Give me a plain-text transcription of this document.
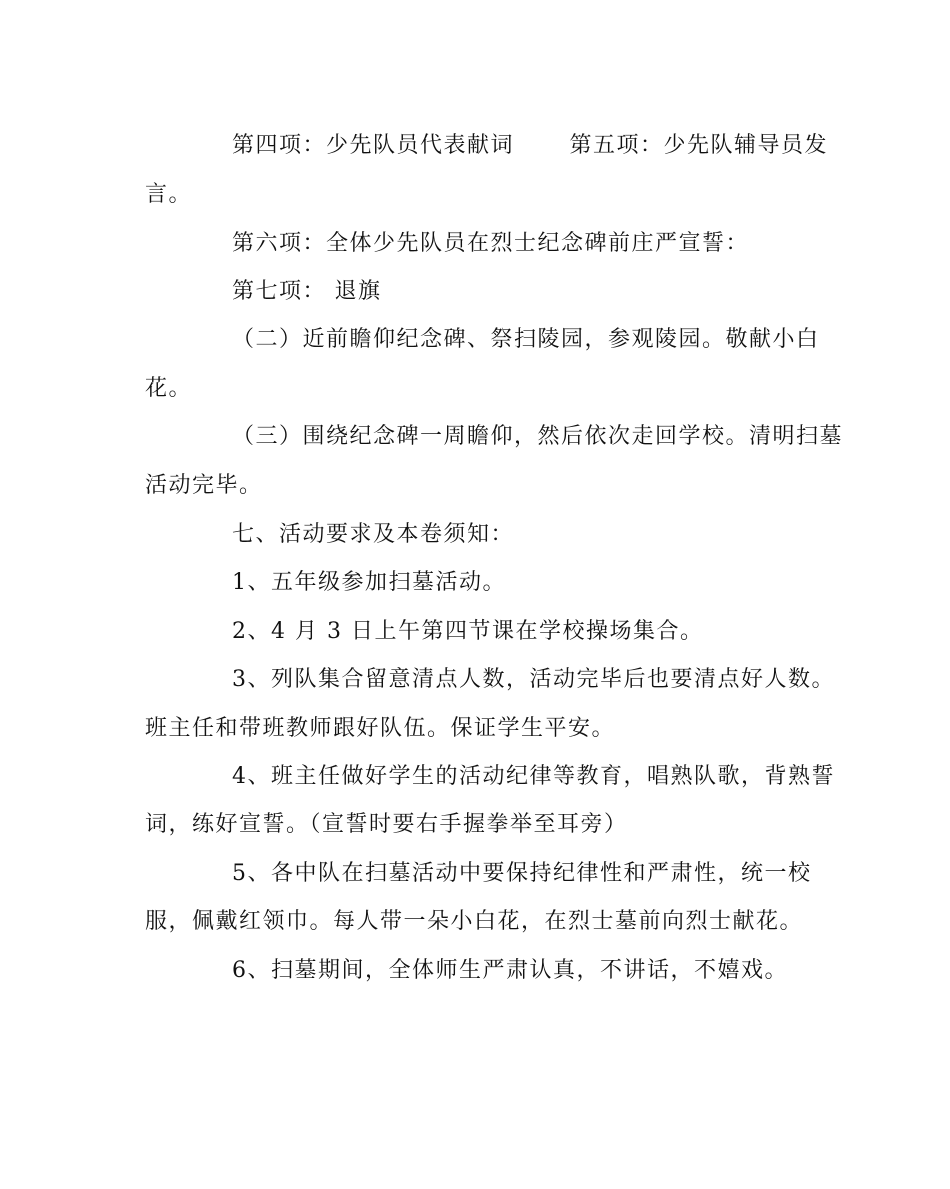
第四项：少先队员代表献词　　 第五项：少先队辅导员发
言。
第六项：全体少先队员在烈士纪念碑前庄严宣誓：
第七项： 退旗
（二）近前瞻仰纪念碑、祭扫陵园，参观陵园。敬献小白
花。
（三）围绕纪念碑一周瞻仰，然后依次走回学校。清明扫墓
活动完毕。
七、活动要求及本卷须知：
1、五年级参加扫墓活动。
2、4 月 3 日上午第四节课在学校操场集合。
3、列队集合留意清点人数，活动完毕后也要清点好人数。
班主任和带班教师跟好队伍。保证学生平安。
4、班主任做好学生的活动纪律等教育，唱熟队歌，背熟誓
词，练好宣誓。（宣誓时要右手握拳举至耳旁）
5、各中队在扫墓活动中要保持纪律性和严肃性，统一校
服，佩戴红领巾。每人带一朵小白花，在烈士墓前向烈士献花。
6、扫墓期间，全体师生严肃认真，不讲话，不嬉戏。
